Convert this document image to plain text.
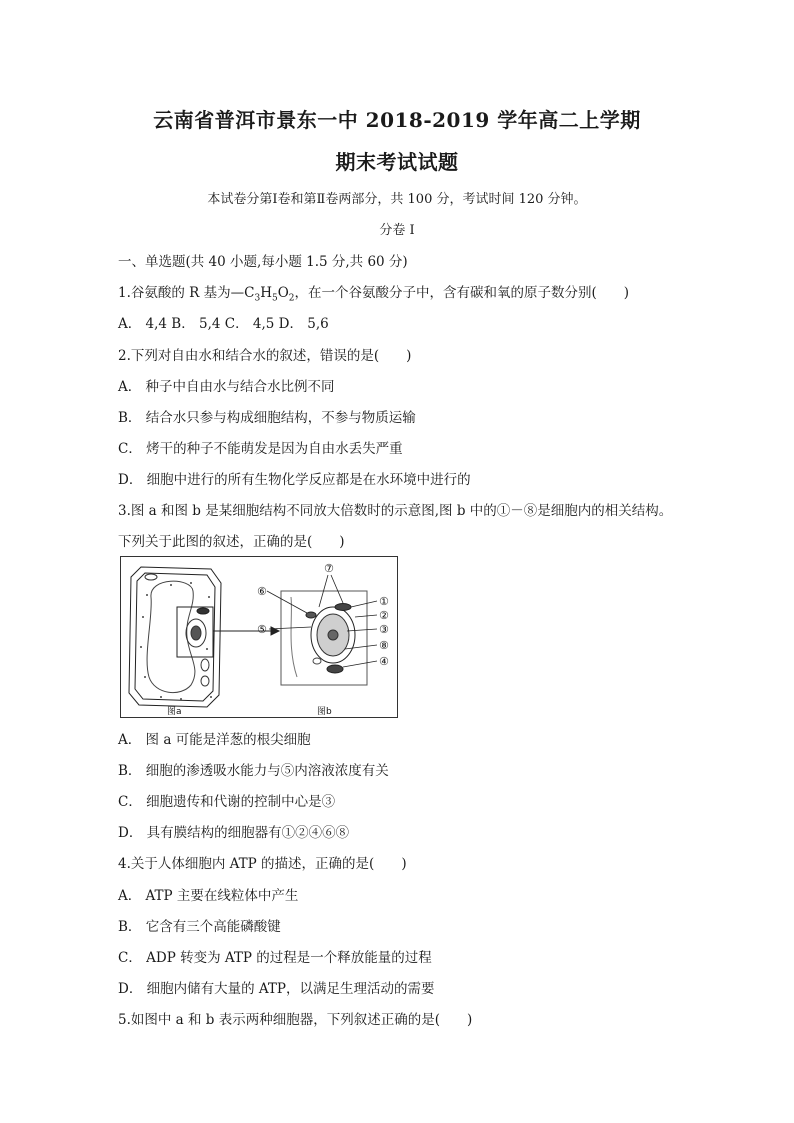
云南省普洱市景东一中 2018-2019 学年高二上学期
期末考试试题
本试卷分第Ⅰ卷和第Ⅱ卷两部分，共 100 分，考试时间 120 分钟。
分卷 I
一、单选题(共 40 小题,每小题 1.5 分,共 60 分)
1.谷氨酸的 R 基为$—C_3H_5O_2$，在一个谷氨酸分子中，含有碳和氧的原子数分别(　　)
A． 4,4 B． 5,4 C． 4,5 D． 5,6
2.下列对自由水和结合水的叙述，错误的是(　　)
A． 种子中自由水与结合水比例不同
B． 结合水只参与构成细胞结构，不参与物质运输
C． 烤干的种子不能萌发是因为自由水丢失严重
D． 细胞中进行的所有生物化学反应都是在水环境中进行的
3.图 a 和图 b 是某细胞结构不同放大倍数时的示意图,图 b 中的①－⑧是细胞内的相关结构。
下列关于此图的叙述，正确的是(　　)
⑦
⑥
⑤
①
②
③
⑧
④
图a	图b
A． 图 a 可能是洋葱的根尖细胞
B． 细胞的渗透吸水能力与⑤内溶液浓度有关
C． 细胞遗传和代谢的控制中心是③
D． 具有膜结构的细胞器有①②④⑥⑧
4.关于人体细胞内 ATP 的描述，正确的是(　　)
A． ATP 主要在线粒体中产生
B． 它含有三个高能磷酸键
C． ADP 转变为 ATP 的过程是一个释放能量的过程
D． 细胞内储有大量的 ATP，以满足生理活动的需要
5.如图中 a 和 b 表示两种细胞器，下列叙述正确的是(　　)
